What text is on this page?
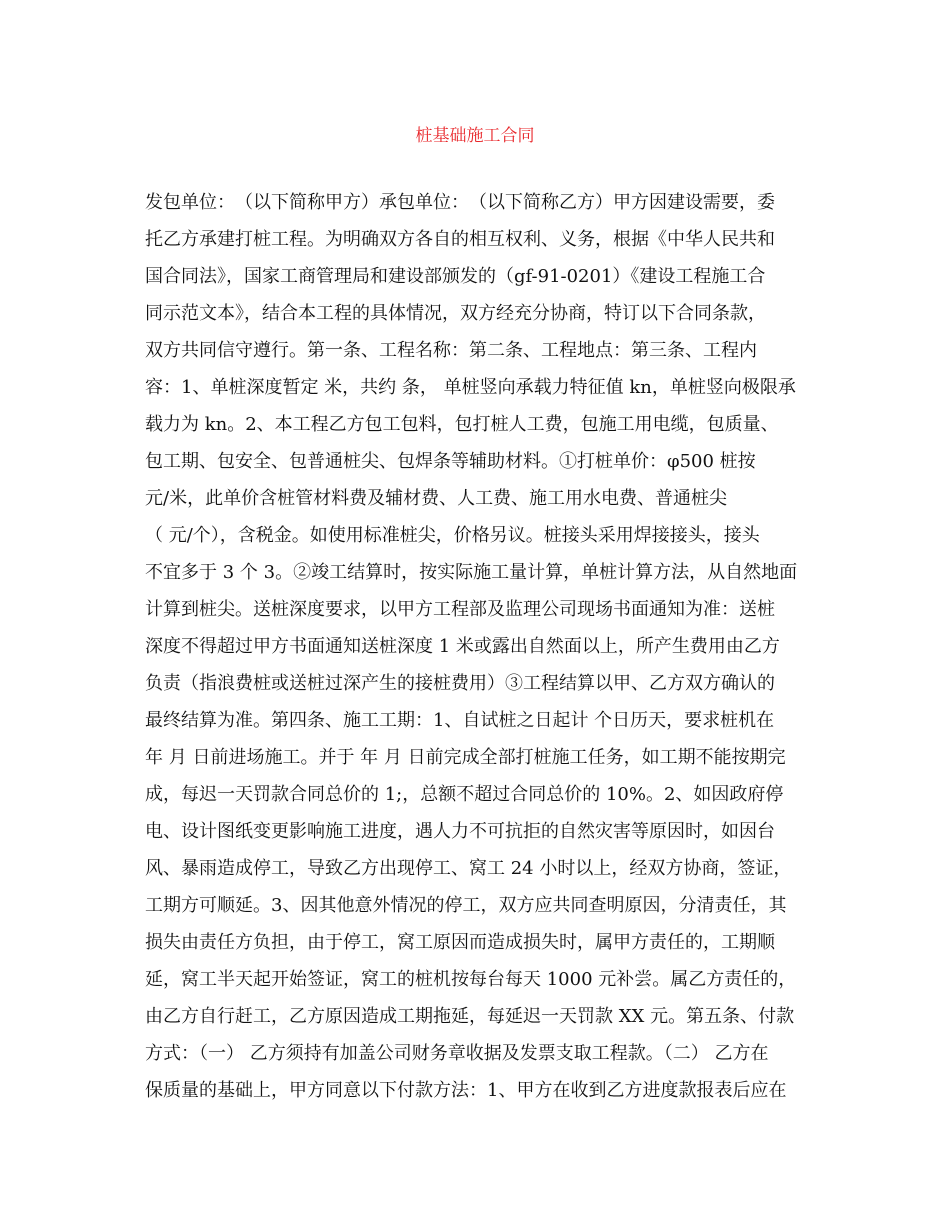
桩基础施工合同
发包单位：　（以下简称甲方）承包单位：　（以下简称乙方）甲方因建设需要，委
托乙方承建打桩工程。为明确双方各自的相互权利、义务，根据《中华人民共和
国合同法》，国家工商管理局和建设部颁发的（gf-91-0201）《建设工程施工合
同示范文本》，结合本工程的具体情况，双方经充分协商，特订以下合同条款，
双方共同信守遵行。第一条、工程名称：第二条、工程地点：第三条、工程内
容：1、单桩深度暂定 米，共约 条， 单桩竖向承载力特征值 kn，单桩竖向极限承
载力为 kn。2、本工程乙方包工包料，包打桩人工费，包施工用电缆，包质量、
包工期、包安全、包普通桩尖、包焊条等辅助材料。①打桩单价：φ500 桩按
元/米，此单价含桩管材料费及辅材费、人工费、施工用水电费、普通桩尖
（ 元/个），含税金。如使用标准桩尖，价格另议。桩接头采用焊接接头，接头
不宜多于 3 个 3。②竣工结算时，按实际施工量计算，单桩计算方法，从自然地面
计算到桩尖。送桩深度要求，以甲方工程部及监理公司现场书面通知为准：送桩
深度不得超过甲方书面通知送桩深度 1 米或露出自然面以上，所产生费用由乙方
负责（指浪费桩或送桩过深产生的接桩费用）③工程结算以甲、乙方双方确认的
最终结算为准。第四条、施工工期：1、自试桩之日起计 个日历天，要求桩机在
年 月 日前进场施工。并于 年 月 日前完成全部打桩施工任务，如工期不能按期完
成，每迟一天罚款合同总价的 1;，总额不超过合同总价的 10%。2、如因政府停
电、设计图纸变更影响施工进度，遇人力不可抗拒的自然灾害等原因时，如因台
风、暴雨造成停工，导致乙方出现停工、窝工 24 小时以上，经双方协商，签证，
工期方可顺延。3、因其他意外情况的停工，双方应共同查明原因，分清责任，其
损失由责任方负担，由于停工，窝工原因而造成损失时，属甲方责任的，工期顺
延，窝工半天起开始签证，窝工的桩机按每台每天 1000 元补尝。属乙方责任的，
由乙方自行赶工，乙方原因造成工期拖延，每延迟一天罚款 XX 元。第五条、付款
方式：（一） 乙方须持有加盖公司财务章收据及发票支取工程款。（二） 乙方在
保质量的基础上，甲方同意以下付款方法：1、甲方在收到乙方进度款报表后应在
